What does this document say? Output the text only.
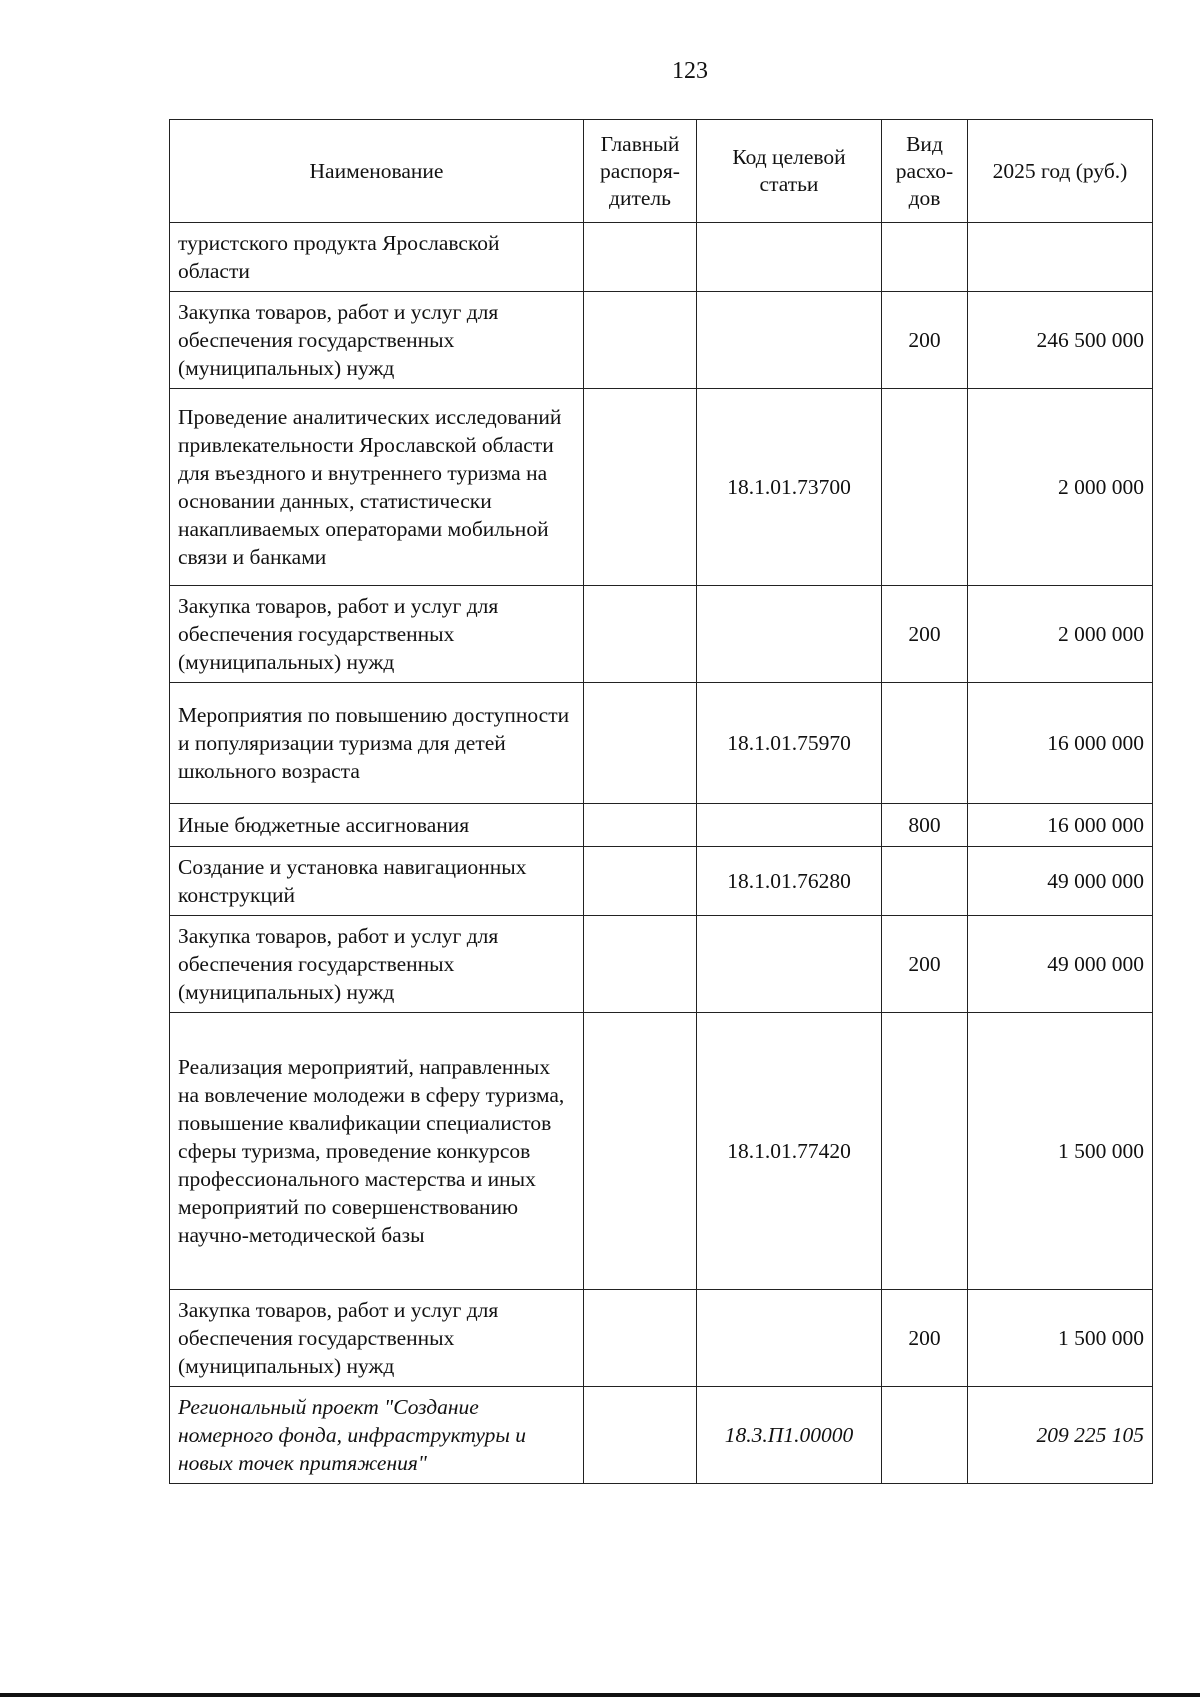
123
Наименование	Главный распоря-дитель	Код целевой статьи	Вид расхо-дов	2025 год (руб.)
туристского продукта Ярославской области				
Закупка товаров, работ и услуг для обеспечения государственных (муниципальных) нужд			200	246 500 000
Проведение аналитических исследований привлекательности Ярославской области для въездного и внутреннего туризма на основании данных, статистически накапливаемых операторами мобильной связи и банками		18.1.01.73700		2 000 000
Закупка товаров, работ и услуг для обеспечения государственных (муниципальных) нужд			200	2 000 000
Мероприятия по повышению доступности и популяризации туризма для детей школьного возраста		18.1.01.75970		16 000 000
Иные бюджетные ассигнования			800	16 000 000
Создание и установка навигационных конструкций		18.1.01.76280		49 000 000
Закупка товаров, работ и услуг для обеспечения государственных (муниципальных) нужд			200	49 000 000
Реализация мероприятий, направленных на вовлечение молодежи в сферу туризма, повышение квалификации специалистов сферы туризма, проведение конкурсов профессионального мастерства и иных мероприятий по совершенствованию научно-методической базы		18.1.01.77420		1 500 000
Закупка товаров, работ и услуг для обеспечения государственных (муниципальных) нужд			200	1 500 000
Региональный проект "Создание номерного фонда, инфраструктуры и новых точек притяжения"		18.3.П1.00000		209 225 105
